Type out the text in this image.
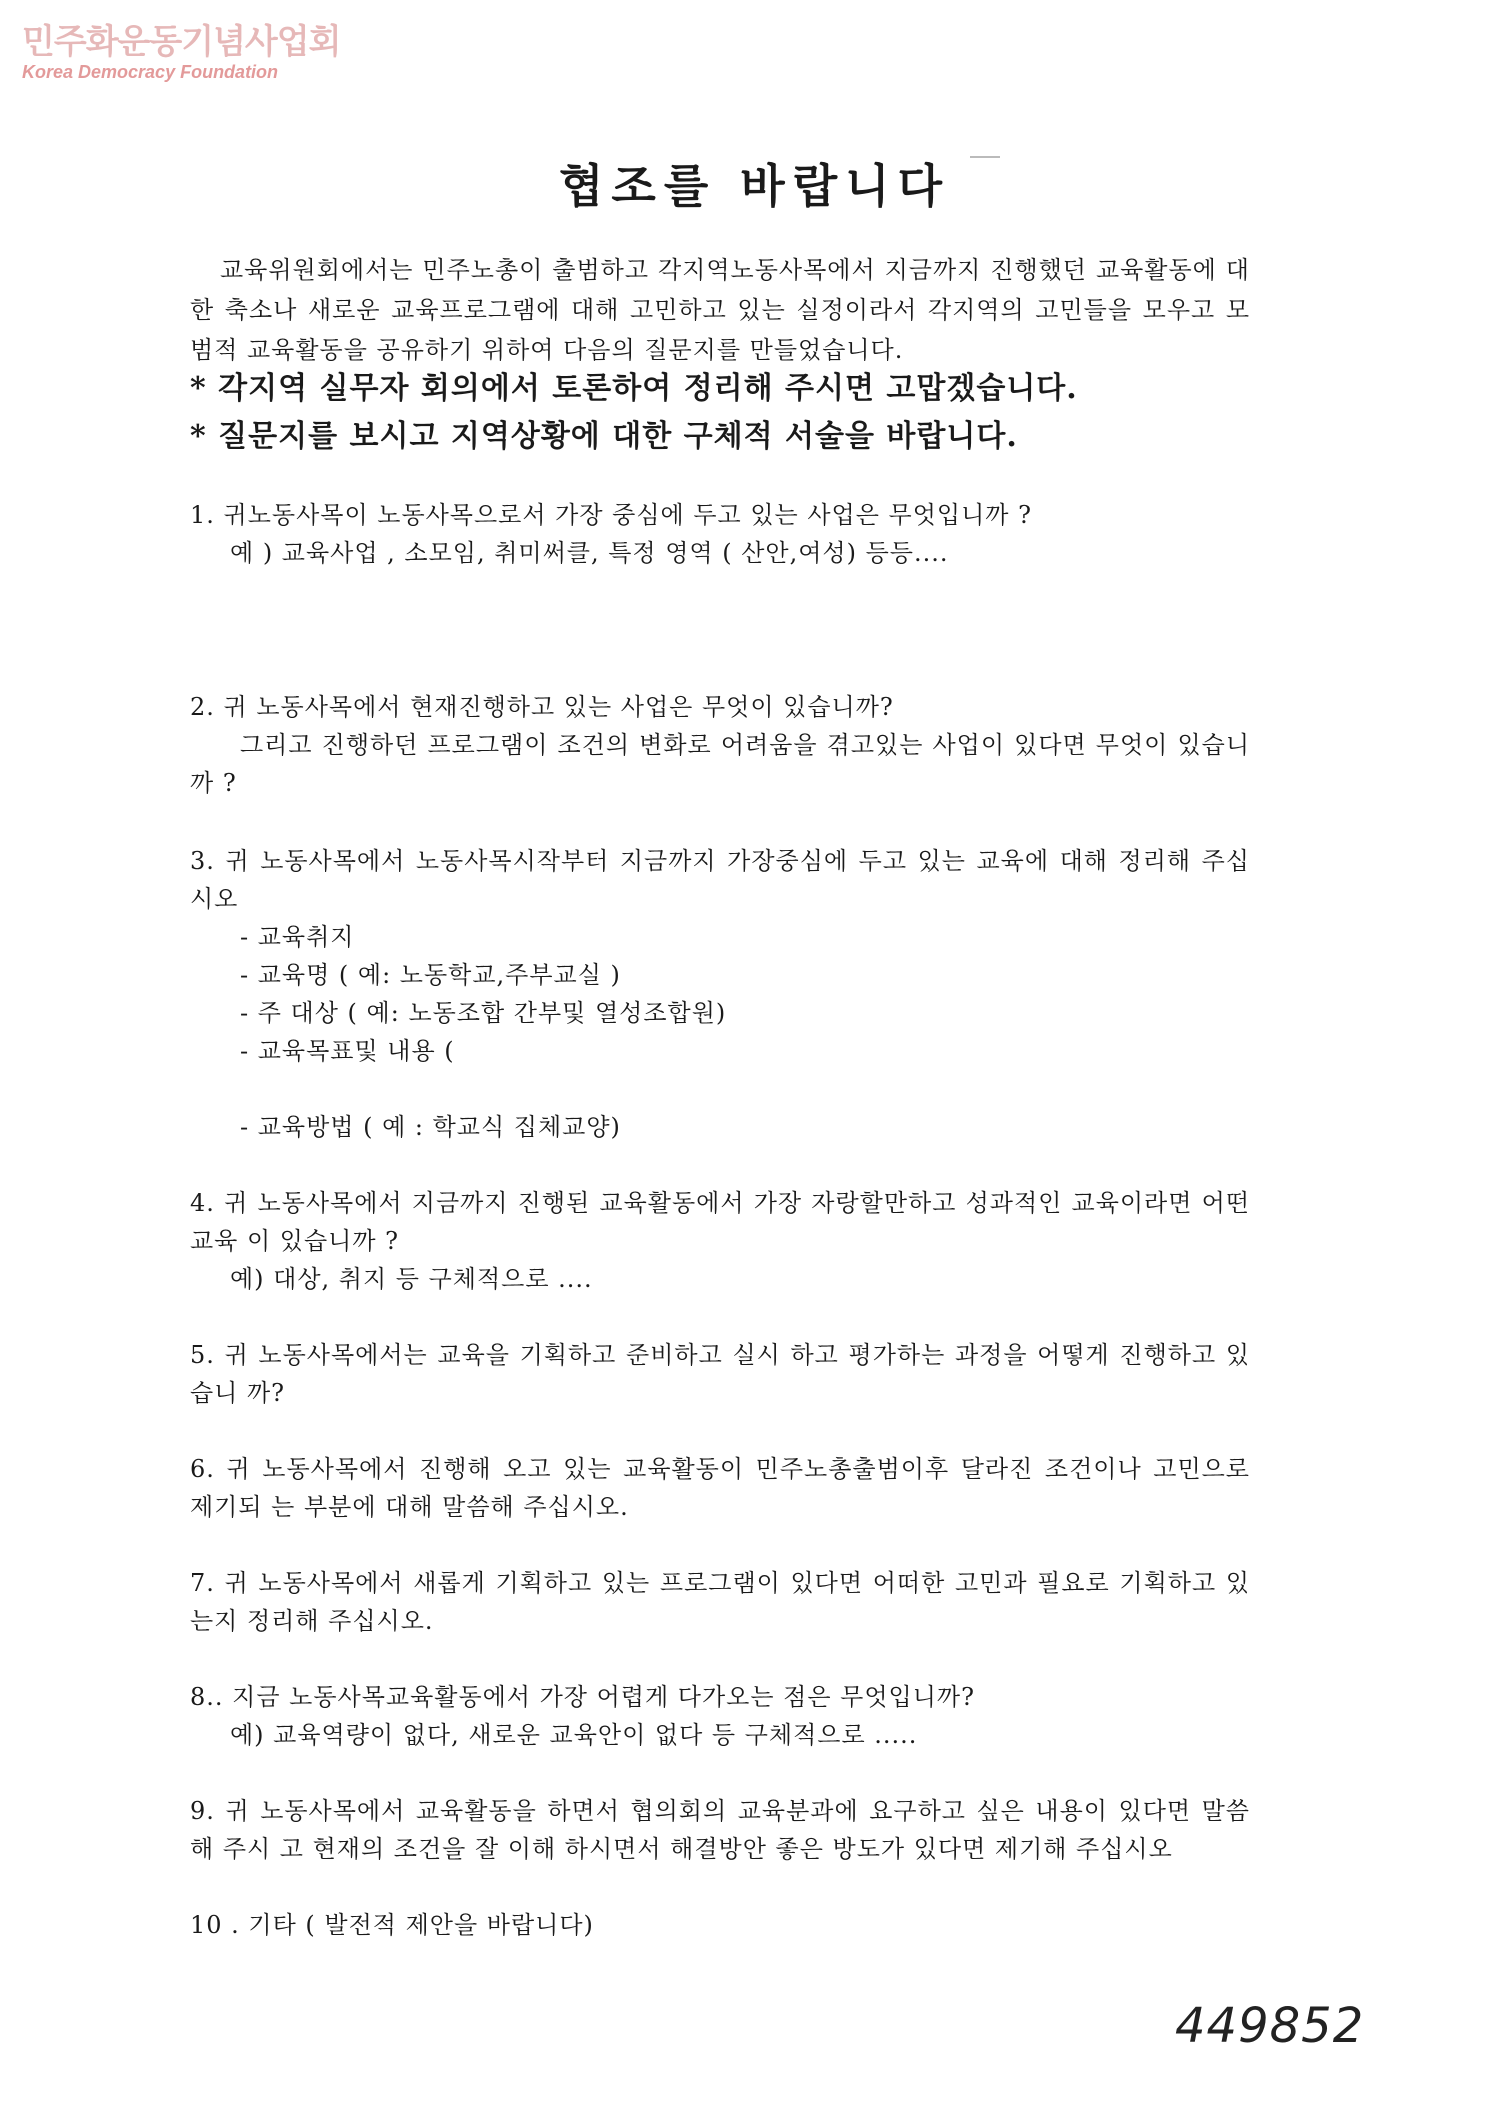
민주화운동기념사업회
Korea Democracy Foundation
협조를 바랍니다

교육위원회에서는 민주노총이 출범하고 각지역노동사목에서 지금까지 진행했던 교육활동에 대한 축소나 새로운 교육프로그램에 대해 고민하고 있는 실정이라서 각지역의 고민들을 모우고 모범적 교육활동을 공유하기 위하여 다음의 질문지를 만들었습니다.

* 각지역 실무자 회의에서 토론하여 정리해 주시면 고맙겠습니다.

* 질문지를 보시고 지역상황에 대한 구체적 서술을 바랍니다.

1. 귀노동사목이 노동사목으로서 가장 중심에 두고 있는 사업은 무엇입니까 ?
예 ) 교육사업 , 소모임, 취미써클, 특정 영역 ( 산안,여성) 등등....
2. 귀 노동사목에서 현재진행하고 있는 사업은 무엇이 있습니까?
그리고 진행하던 프로그램이 조건의 변화로 어려움을 겪고있는 사업이 있다면 무엇이 있습니까 ?
3. 귀 노동사목에서 노동사목시작부터 지금까지 가장중심에 두고 있는 교육에 대해 정리해 주십시오
- 교육취지
- 교육명 ( 예: 노동학교,주부교실 )
- 주 대상 ( 예: 노동조합 간부및 열성조합원)
- 교육목표및 내용 (
- 교육방법 ( 예 : 학교식 집체교양)
4. 귀 노동사목에서 지금까지 진행된 교육활동에서 가장 자랑할만하고 성과적인 교육이라면 어떤 교육 이 있습니까 ?
예) 대상, 취지 등 구체적으로 ....
5. 귀 노동사목에서는 교육을 기획하고 준비하고 실시 하고 평가하는 과정을 어떻게 진행하고 있습니 까?
6. 귀 노동사목에서 진행해 오고 있는 교육활동이 민주노총출범이후 달라진 조건이나 고민으로 제기되 는 부분에 대해 말씀해 주십시오.
7. 귀 노동사목에서 새롭게 기획하고 있는 프로그램이 있다면 어떠한 고민과 필요로 기획하고 있는지 정리해 주십시오.
8.. 지금 노동사목교육활동에서 가장 어렵게 다가오는 점은 무엇입니까?
예) 교육역량이 없다, 새로운 교육안이 없다 등 구체적으로 .....
9. 귀 노동사목에서 교육활동을 하면서 협의회의 교육분과에 요구하고 싶은 내용이 있다면 말씀해 주시 고 현재의 조건을 잘 이해 하시면서 해결방안 좋은 방도가 있다면 제기해 주십시오
10 . 기타 ( 발전적 제안을 바랍니다)
449852
